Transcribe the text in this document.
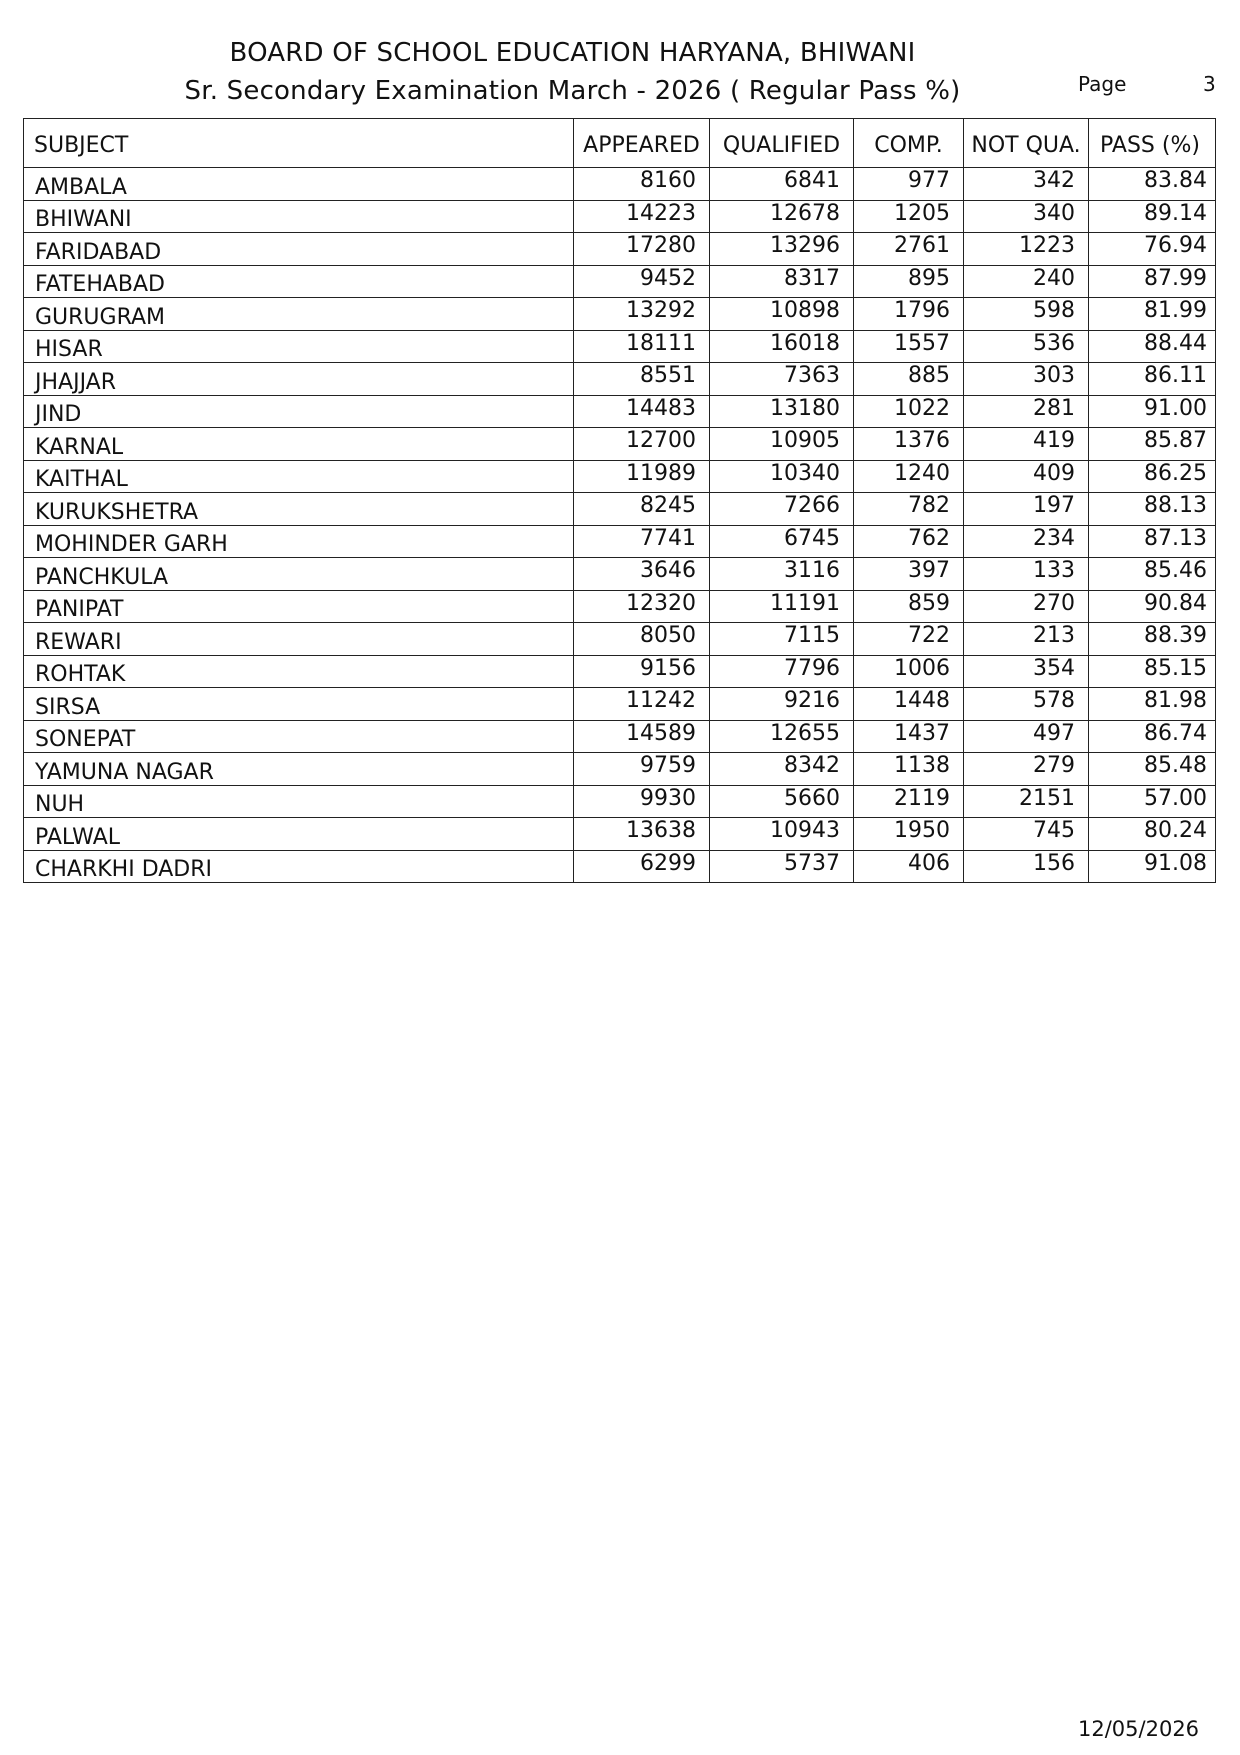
BOARD OF SCHOOL EDUCATION HARYANA, BHIWANI
Sr. Secondary Examination March - 2026 ( Regular Pass %)	Page	3
SUBJECT	APPEARED	QUALIFIED	COMP.	NOT QUA.	PASS (%)
AMBALA	8160	6841	977	342	83.84
BHIWANI	14223	12678	1205	340	89.14
FARIDABAD	17280	13296	2761	1223	76.94
FATEHABAD	9452	8317	895	240	87.99
GURUGRAM	13292	10898	1796	598	81.99
HISAR	18111	16018	1557	536	88.44
JHAJJAR	8551	7363	885	303	86.11
JIND	14483	13180	1022	281	91.00
KARNAL	12700	10905	1376	419	85.87
KAITHAL	11989	10340	1240	409	86.25
KURUKSHETRA	8245	7266	782	197	88.13
MOHINDER GARH	7741	6745	762	234	87.13
PANCHKULA	3646	3116	397	133	85.46
PANIPAT	12320	11191	859	270	90.84
REWARI	8050	7115	722	213	88.39
ROHTAK	9156	7796	1006	354	85.15
SIRSA	11242	9216	1448	578	81.98
SONEPAT	14589	12655	1437	497	86.74
YAMUNA NAGAR	9759	8342	1138	279	85.48
NUH	9930	5660	2119	2151	57.00
PALWAL	13638	10943	1950	745	80.24
CHARKHI DADRI	6299	5737	406	156	91.08
12/05/2026
